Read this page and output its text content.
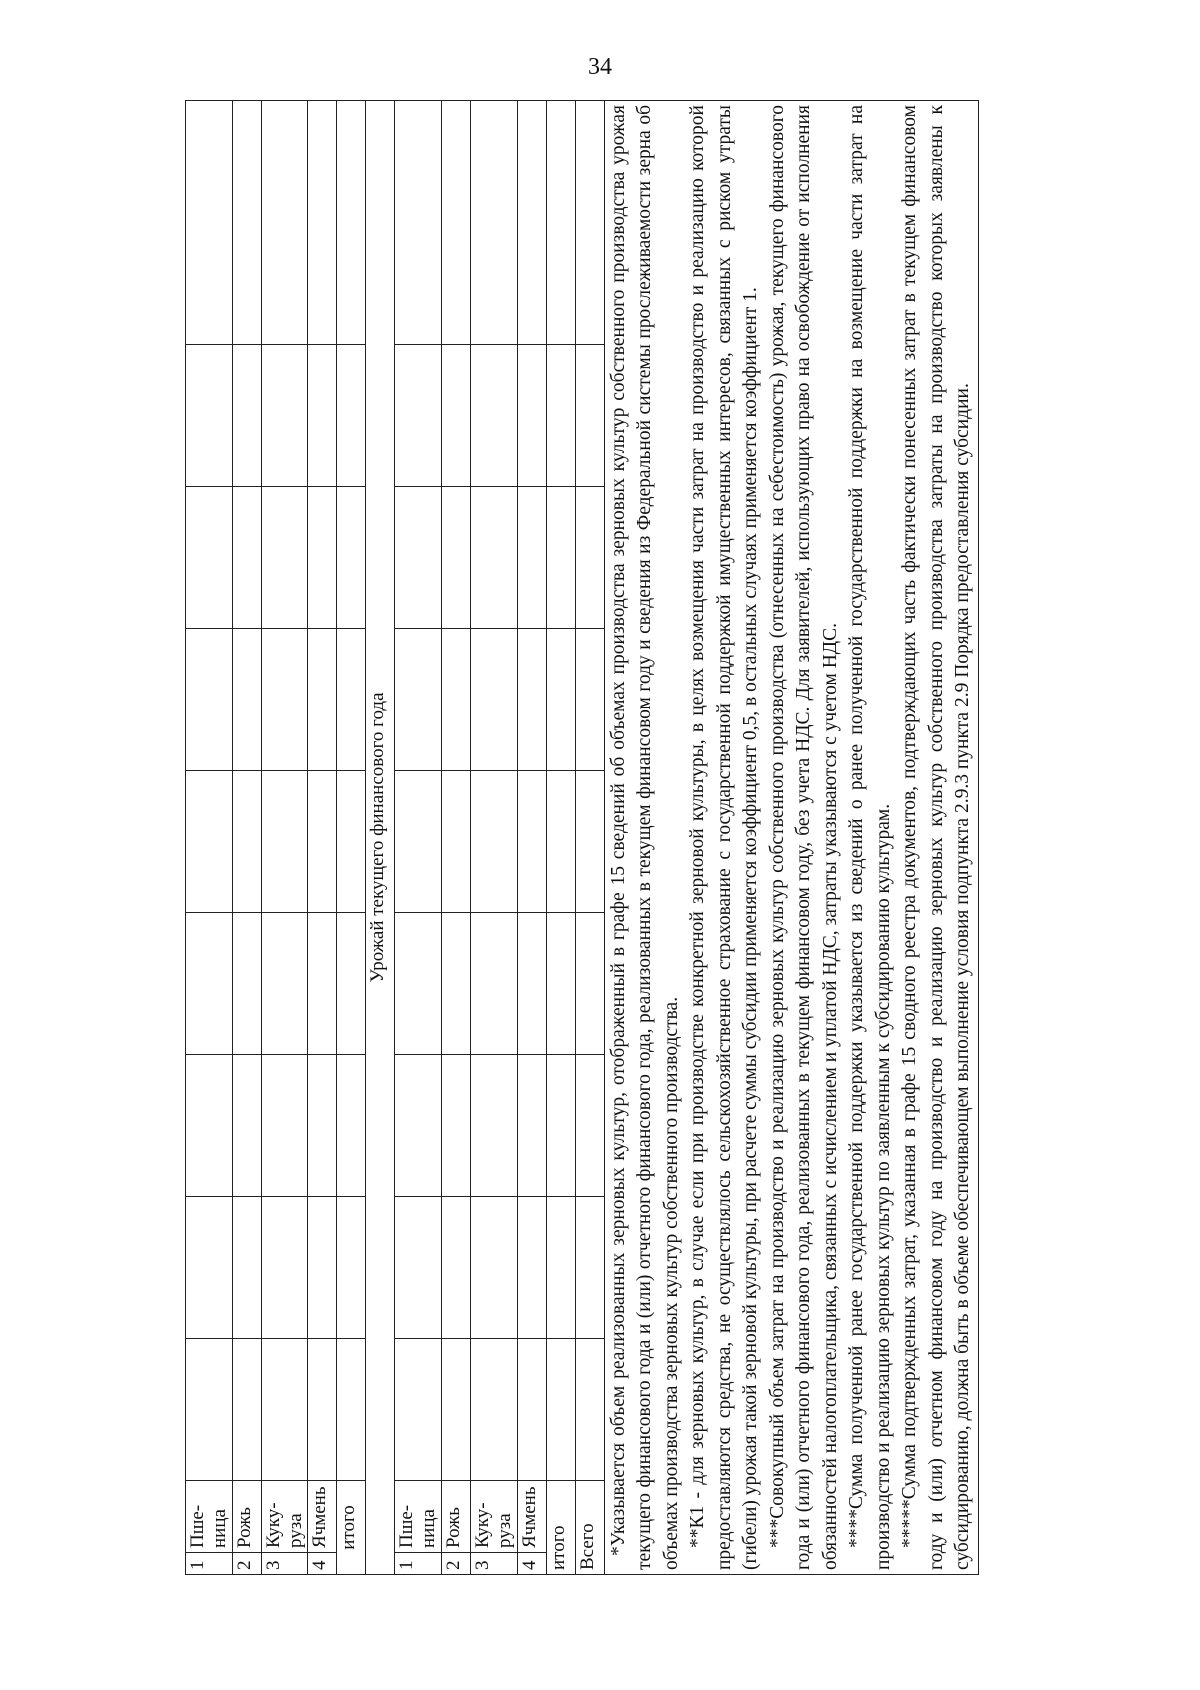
34
1	Пше-ница									
2	Рожь									
3	Куку-руза									
4	Ячмень									
итого										
Урожай текущего финансового года										
1	Пше-ница									
2	Рожь									
3	Куку-руза									
4	Ячмень									
итого										
Всего										

*Указывается объем реализованных зерновых культур, отображенный в графе 15 сведений об объемах производства зерновых культур собственного производства урожая текущего финансового года и (или) отчетного финансового года, реализованных в текущем финансовом году и сведения из Федеральной системы прослеживаемости зерна об объемах производства зерновых культур собственного производства. **К1 - для зерновых культур, в случае если при производстве конкретной зерновой культуры, в целях возмещения части затрат на производство и реализацию которой предоставляются средства, не осуществлялось сельскохозяйственное страхование с государственной поддержкой имущественных интересов, связанных с риском утраты (гибели) урожая такой зерновой культуры, при расчете суммы субсидии применяется коэффициент 0,5, в остальных случаях применяется коэффициент 1. ***Совокупный объем затрат на производство и реализацию зерновых культур собственного производства (отнесенных на себестоимость) урожая, текущего финансового года и (или) отчетного финансового года, реализованных в текущем финансовом году, без учета НДС. Для заявителей, использующих право на освобождение от исполнения обязанностей налогоплательщика, связанных с исчислением и уплатой НДС, затраты указываются с учетом НДС. ****Сумма полученной ранее государственной поддержки указывается из сведений о ранее полученной государственной поддержки на возмещение части затрат на производство и реализацию зерновых культур по заявленным к субсидированию культурам. *****Сумма подтвержденных затрат, указанная в графе 15 сводного реестра документов, подтверждающих часть фактически понесенных затрат в текущем финансовом году и (или) отчетном финансовом году на производство и реализацию зерновых культур собственного производства затраты на производство которых заявлены к субсидированию, должна быть в объеме обеспечивающем выполнение условия подпункта 2.9.3 пункта 2.9 Порядка предоставления субсидии.										
